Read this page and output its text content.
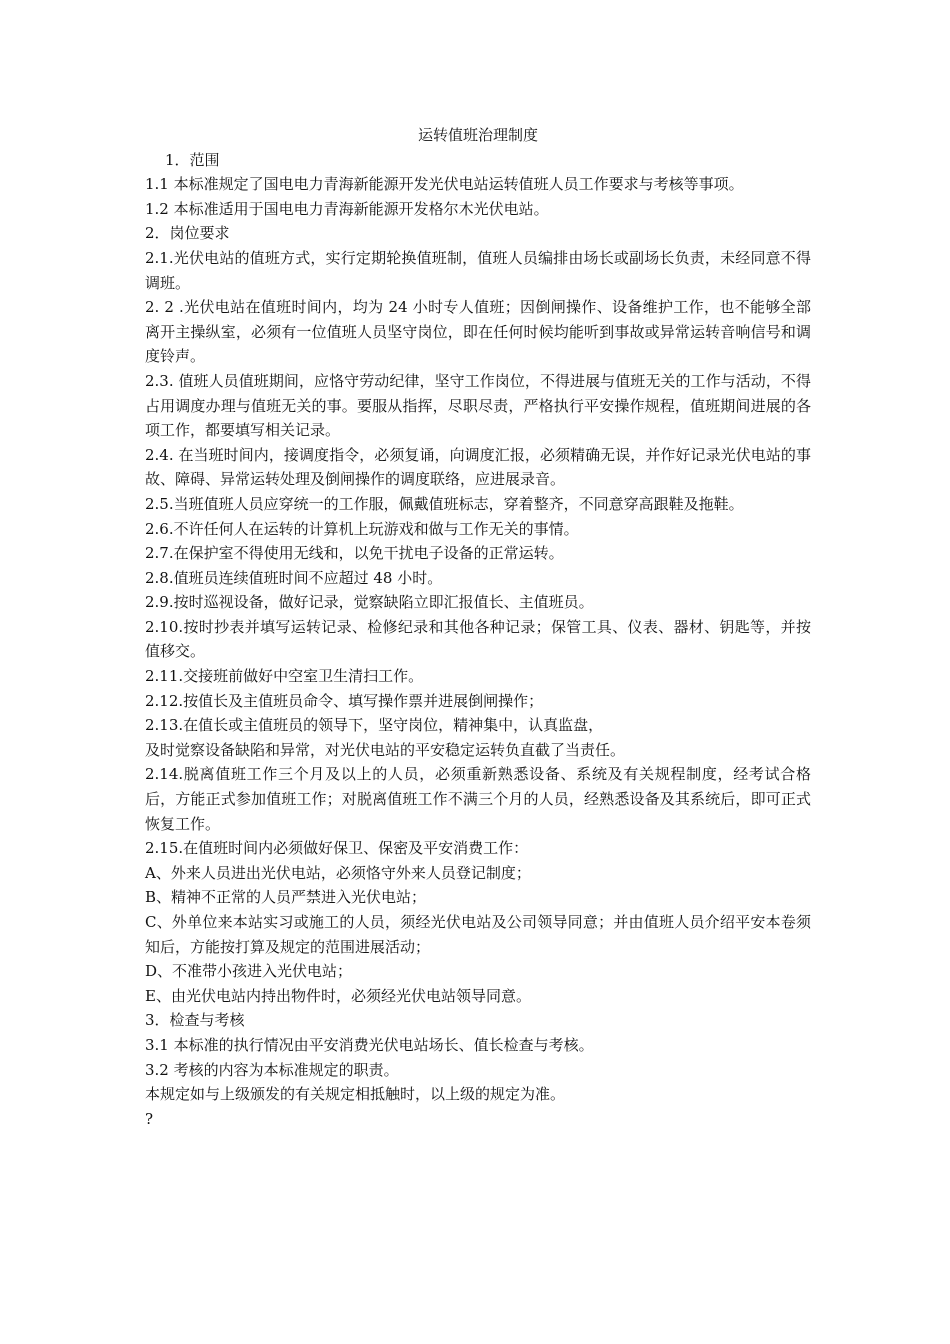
运转值班治理制度

1．范围

1.1 本标准规定了国电电力青海新能源开发光伏电站运转值班人员工作要求与考核等事项。

1.2 本标准适用于国电电力青海新能源开发格尔木光伏电站。

2．岗位要求

2.1.光伏电站的值班方式，实行定期轮换值班制，值班人员编排由场长或副场长负责，未经同意不得调班。

2. 2 .光伏电站在值班时间内，均为 24 小时专人值班；因倒闸操作、设备维护工作，也不能够全部离开主操纵室，必须有一位值班人员坚守岗位，即在任何时候均能听到事故或异常运转音响信号和调度铃声。

2.3. 值班人员值班期间，应恪守劳动纪律，坚守工作岗位，不得进展与值班无关的工作与活动，不得占用调度办理与值班无关的事。要服从指挥，尽职尽责，严格执行平安操作规程，值班期间进展的各项工作，都要填写相关记录。

2.4. 在当班时间内，接调度指令，必须复诵，向调度汇报，必须精确无误，并作好记录光伏电站的事故、障碍、异常运转处理及倒闸操作的调度联络，应进展录音。

2.5.当班值班人员应穿统一的工作服，佩戴值班标志，穿着整齐，不同意穿高跟鞋及拖鞋。

2.6.不许任何人在运转的计算机上玩游戏和做与工作无关的事情。

2.7.在保护室不得使用无线和，以免干扰电子设备的正常运转。

2.8.值班员连续值班时间不应超过 48 小时。

2.9.按时巡视设备，做好记录，觉察缺陷立即汇报值长、主值班员。

2.10.按时抄表并填写运转记录、检修纪录和其他各种记录；保管工具、仪表、器材、钥匙等，并按值移交。

2.11.交接班前做好中空室卫生清扫工作。

2.12.按值长及主值班员命令、填写操作票并进展倒闸操作；

2.13.在值长或主值班员的领导下，坚守岗位，精神集中，认真监盘，

及时觉察设备缺陷和异常，对光伏电站的平安稳定运转负直截了当责任。

2.14.脱离值班工作三个月及以上的人员，必须重新熟悉设备、系统及有关规程制度，经考试合格后，方能正式参加值班工作；对脱离值班工作不满三个月的人员，经熟悉设备及其系统后，即可正式恢复工作。

2.15.在值班时间内必须做好保卫、保密及平安消费工作：

A、外来人员进出光伏电站，必须恪守外来人员登记制度；

B、精神不正常的人员严禁进入光伏电站；

C、外单位来本站实习或施工的人员，须经光伏电站及公司领导同意；并由值班人员介绍平安本卷须知后，方能按打算及规定的范围进展活动；

D、不准带小孩进入光伏电站；

E、由光伏电站内持出物件时，必须经光伏电站领导同意。

3．检查与考核

3.1 本标准的执行情况由平安消费光伏电站场长、值长检查与考核。

3.2 考核的内容为本标准规定的职责。

本规定如与上级颁发的有关规定相抵触时，以上级的规定为准。

?
